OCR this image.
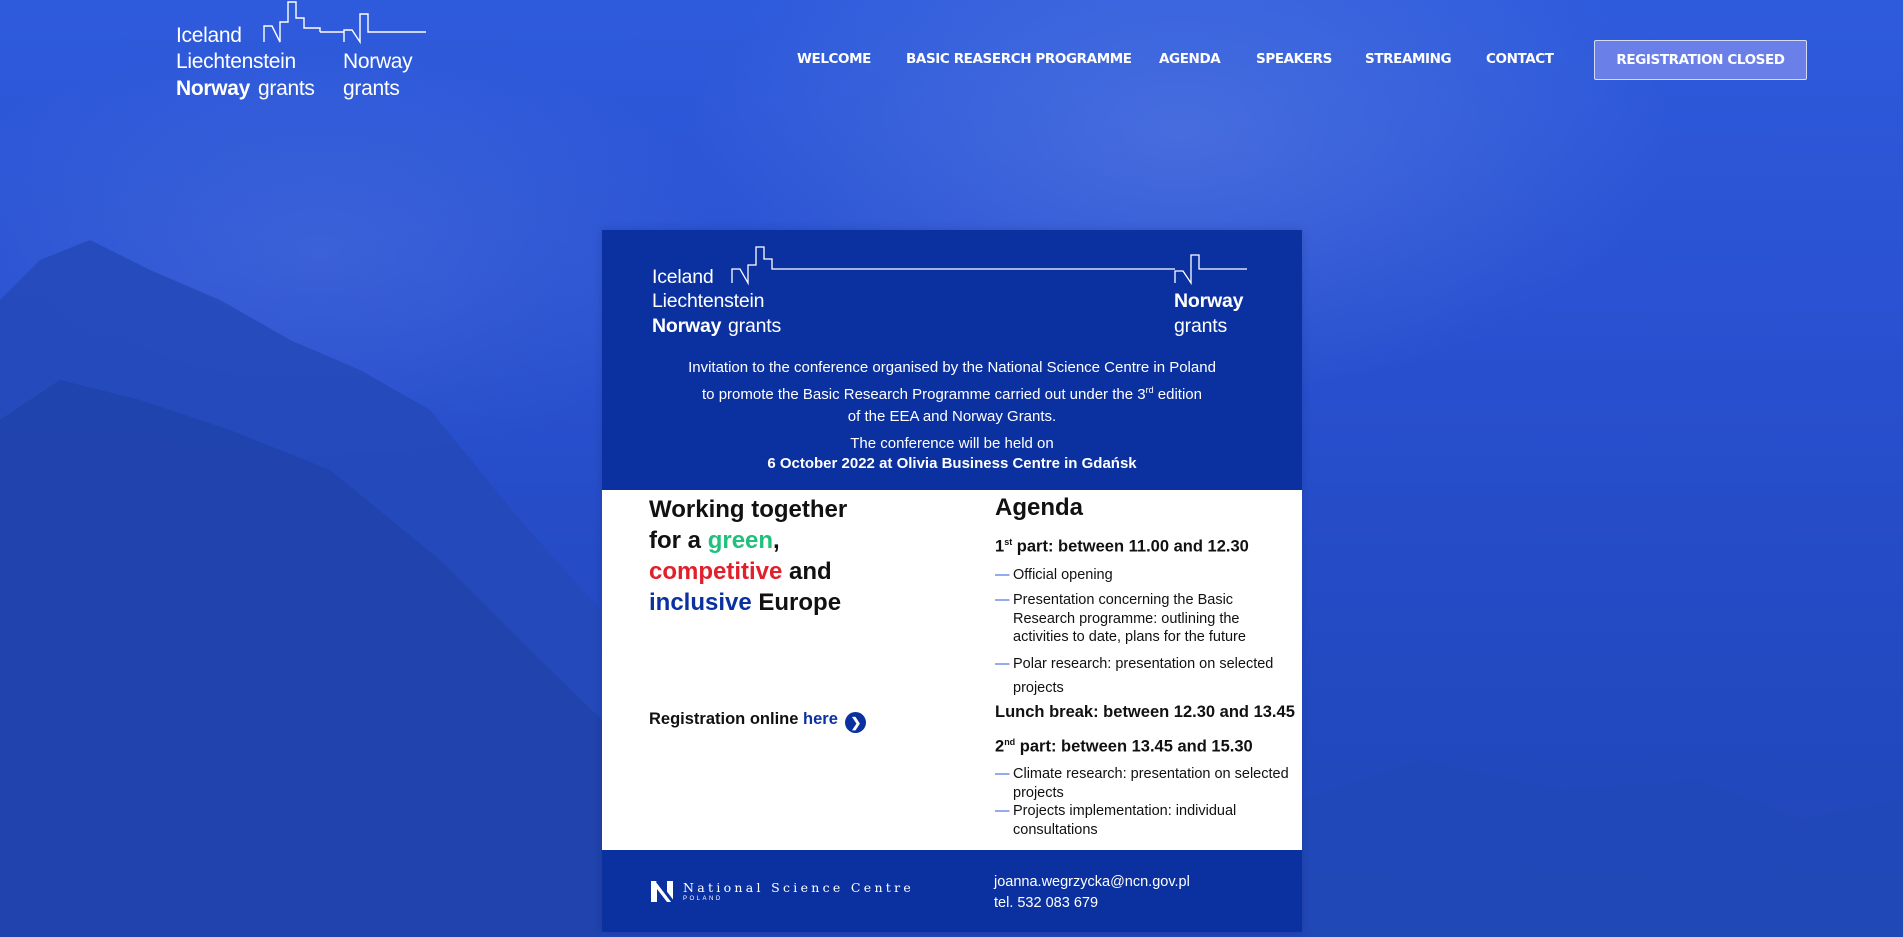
Iceland
Liechtenstein
Norway grants
Norway
grants
WELCOME	BASIC REASERCH PROGRAMME AGENDA	SPEAKERS STREAMING	CONTACT	REGISTRATION CLOSED
Iceland
Liechtenstein
Norway grants
Norway
grants
Invitation to the conference organised by the National Science Centre in Poland
to promote the Basic Research Programme carried out under the 3rd edition
of the EEA and Norway Grants.
The conference will be held on
6 October 2022 at Olivia Business Centre in Gdańsk
Working together
for a green,
competitive and
inclusive Europe
Registration online here ❯
Agenda
1st part: between 11.00 and 12.30
— Official opening
— Presentation concerning the Basic Research programme: outlining the activities to date, plans for the future
— Polar research: presentation on selected projects
Lunch break: between 12.30 and 13.45
2nd part: between 13.45 and 15.30
— Climate research: presentation on selected projects
— Projects implementation: individual consultations
National Science Centre
POLAND
joanna.wegrzycka@ncn.gov.pl
tel. 532 083 679
